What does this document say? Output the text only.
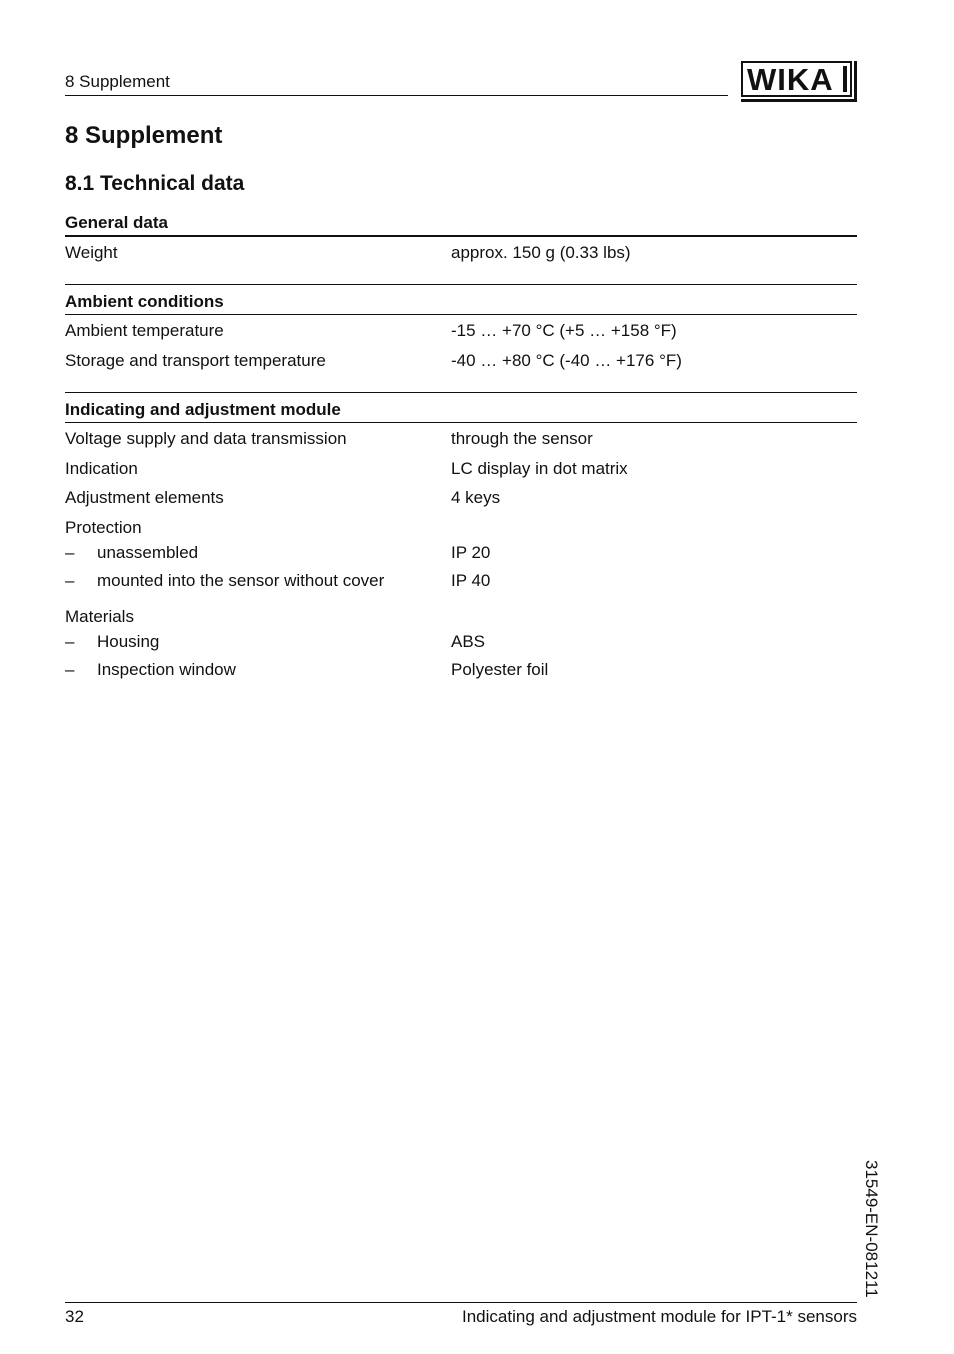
8 Supplement	WIKA
8 Supplement
8.1 Technical data
General data
Weight	approx. 150 g (0.33 lbs)
Ambient conditions
Ambient temperature	-15 … +70 °C (+5 … +158 °F)
Storage and transport temperature	-40 … +80 °C (-40 … +176 °F)
Indicating and adjustment module
Voltage supply and data transmission	through the sensor
Indication	LC display in dot matrix
Adjustment elements	4 keys
Protection
– unassembled	IP 20
– mounted into the sensor without cover	IP 40
Materials
– Housing	ABS
– Inspection window	Polyester foil
31549-EN-081211
32	Indicating and adjustment module for IPT-1* sensors
